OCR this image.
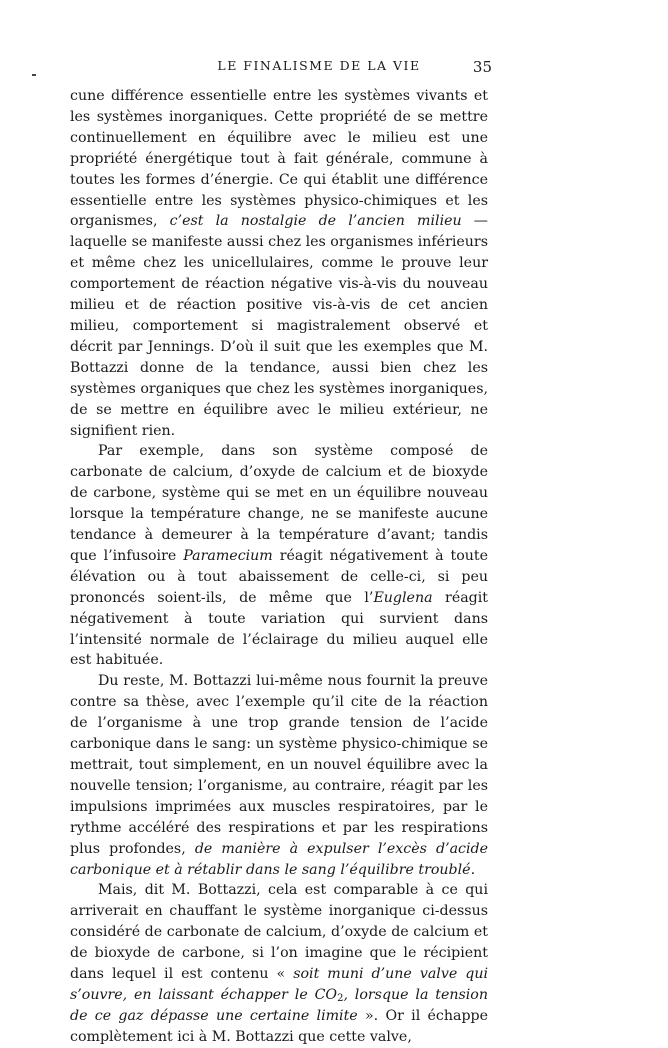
LE FINALISME DE LA VIE	35

cune différence essentielle entre les systèmes vivants et les systèmes inorganiques. Cette propriété de se mettre continuellement en équilibre avec le milieu est une propriété énergétique tout à fait générale, commune à toutes les formes d’énergie. Ce qui établit une différence essentielle entre les systèmes physico-chimiques et les organismes, c’est la nostalgie de l’ancien milieu — laquelle se manifeste aussi chez les organismes inférieurs et même chez les unicellulaires, comme le prouve leur comportement de réaction négative vis-à-vis du nouveau milieu et de réaction positive vis-à-vis de cet ancien milieu, comportement si magistralement observé et décrit par Jennings. D’où il suit que les exemples que M. Bottazzi donne de la tendance, aussi bien chez les systèmes organiques que chez les systèmes inorganiques, de se mettre en équilibre avec le milieu extérieur, ne signifient rien.

Par exemple, dans son système composé de carbonate de calcium, d’oxyde de calcium et de bioxyde de carbone, système qui se met en un équilibre nouveau lorsque la température change, ne se manifeste aucune tendance à demeurer à la température d’avant; tandis que l’infusoire Paramecium réagit négativement à toute élévation ou à tout abaissement de celle-ci, si peu prononcés soient-ils, de même que l’Euglena réagit négativement à toute variation qui survient dans l’intensité normale de l’éclairage du milieu auquel elle est habituée.

Du reste, M. Bottazzi lui-même nous fournit la preuve contre sa thèse, avec l’exemple qu’il cite de la réaction de l’organisme à une trop grande tension de l’acide carbonique dans le sang: un système physico-chimique se mettrait, tout simplement, en un nouvel équilibre avec la nouvelle tension; l’organisme, au contraire, réagit par les impulsions imprimées aux muscles respiratoires, par le rythme accéléré des respirations et par les respirations plus profondes, de manière à expulser l’excès d’acide carbonique et à rétablir dans le sang l’équilibre troublé.

Mais, dit M. Bottazzi, cela est comparable à ce qui arriverait en chauffant le système inorganique ci-dessus considéré de carbonate de calcium, d’oxyde de calcium et de bioxyde de carbone, si l’on imagine que le récipient dans lequel il est contenu « soit muni d’une valve qui s’ouvre, en laissant échapper le $CO_2$, lorsque la tension de ce gaz dépasse une certaine limite ». Or il échappe complètement ici à M. Bottazzi que cette valve,
